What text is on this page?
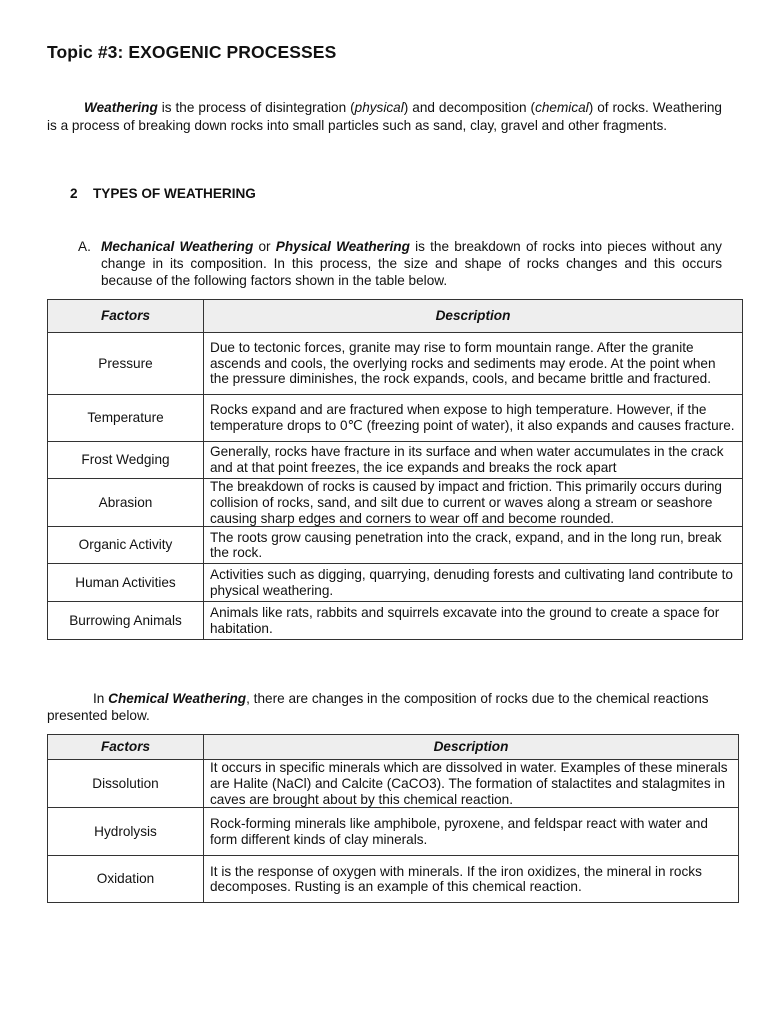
Topic #3: EXOGENIC PROCESSES
Weathering is the process of disintegration (physical) and decomposition (chemical) of rocks. Weathering is a process of breaking down rocks into small particles such as sand, clay, gravel and other fragments.
2 TYPES OF WEATHERING
A. Mechanical Weathering or Physical Weathering is the breakdown of rocks into pieces without any change in its composition. In this process, the size and shape of rocks changes and this occurs because of the following factors shown in the table below.
Factors	Description
Pressure	Due to tectonic forces, granite may rise to form mountain range. After the granite ascends and cools, the overlying rocks and sediments may erode. At the point when the pressure diminishes, the rock expands, cools, and became brittle and fractured.
Temperature	Rocks expand and are fractured when expose to high temperature. However, if the temperature drops to 0℃ (freezing point of water), it also expands and causes fracture.
Frost Wedging	Generally, rocks have fracture in its surface and when water accumulates in the crack and at that point freezes, the ice expands and breaks the rock apart
Abrasion	The breakdown of rocks is caused by impact and friction. This primarily occurs during collision of rocks, sand, and silt due to current or waves along a stream or seashore causing sharp edges and corners to wear off and become rounded.
Organic Activity	The roots grow causing penetration into the crack, expand, and in the long run, break the rock.
Human Activities	Activities such as digging, quarrying, denuding forests and cultivating land contribute to physical weathering.
Burrowing Animals	Animals like rats, rabbits and squirrels excavate into the ground to create a space for habitation.
In Chemical Weathering, there are changes in the composition of rocks due to the chemical reactions presented below.
Factors	Description
Dissolution	It occurs in specific minerals which are dissolved in water. Examples of these minerals are Halite (NaCl) and Calcite (CaCO3). The formation of stalactites and stalagmites in caves are brought about by this chemical reaction.
Hydrolysis	Rock-forming minerals like amphibole, pyroxene, and feldspar react with water and form different kinds of clay minerals.
Oxidation	It is the response of oxygen with minerals. If the iron oxidizes, the mineral in rocks decomposes. Rusting is an example of this chemical reaction.
